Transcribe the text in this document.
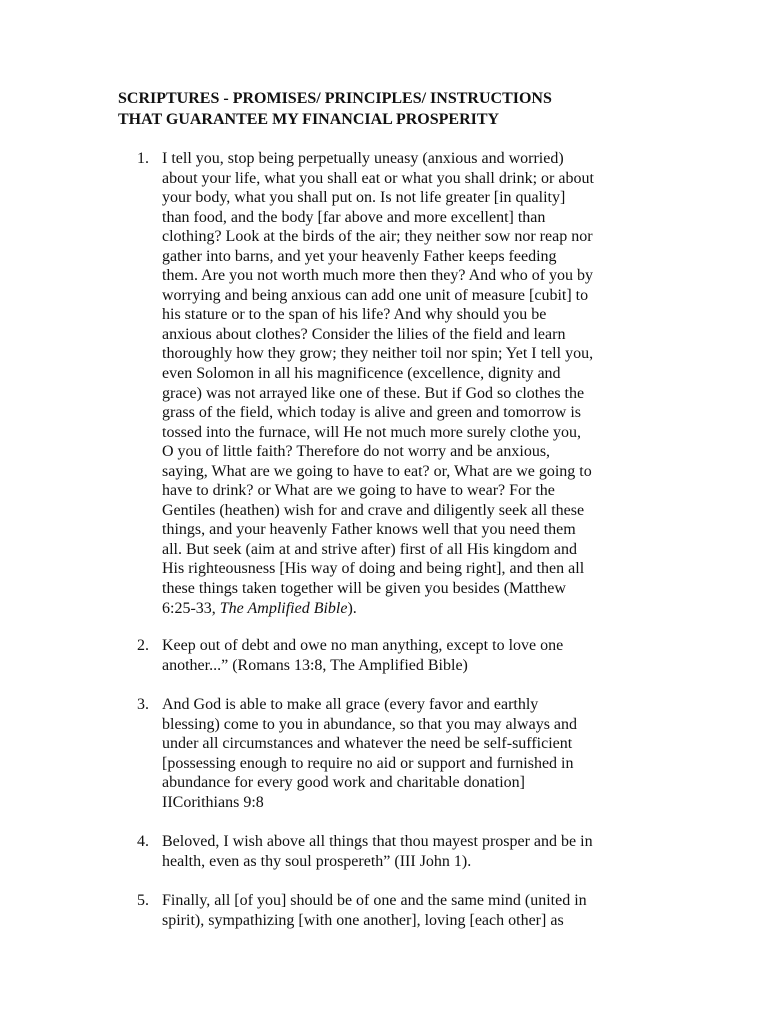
SCRIPTURES - PROMISES/ PRINCIPLES/ INSTRUCTIONS
THAT GUARANTEE MY FINANCIAL PROSPERITY
1. I tell you, stop being perpetually uneasy (anxious and worried)
about your life, what you shall eat or what you shall drink; or about
your body, what you shall put on. Is not life greater [in quality]
than food, and the body [far above and more excellent] than
clothing? Look at the birds of the air; they neither sow nor reap nor
gather into barns, and yet your heavenly Father keeps feeding
them. Are you not worth much more then they? And who of you by
worrying and being anxious can add one unit of measure [cubit] to
his stature or to the span of his life? And why should you be
anxious about clothes? Consider the lilies of the field and learn
thoroughly how they grow; they neither toil nor spin; Yet I tell you,
even Solomon in all his magnificence (excellence, dignity and
grace) was not arrayed like one of these. But if God so clothes the
grass of the field, which today is alive and green and tomorrow is
tossed into the furnace, will He not much more surely clothe you,
O you of little faith? Therefore do not worry and be anxious,
saying, What are we going to have to eat? or, What are we going to
have to drink? or What are we going to have to wear? For the
Gentiles (heathen) wish for and crave and diligently seek all these
things, and your heavenly Father knows well that you need them
all. But seek (aim at and strive after) first of all His kingdom and
His righteousness [His way of doing and being right], and then all
these things taken together will be given you besides (Matthew
6:25-33, The Amplified Bible).
2. Keep out of debt and owe no man anything, except to love one
another...” (Romans 13:8, The Amplified Bible)
3. And God is able to make all grace (every favor and earthly
blessing) come to you in abundance, so that you may always and
under all circumstances and whatever the need be self-sufficient
[possessing enough to require no aid or support and furnished in
abundance for every good work and charitable donation]
IICorithians 9:8
4. Beloved, I wish above all things that thou mayest prosper and be in
health, even as thy soul prospereth” (III John 1).
5. Finally, all [of you] should be of one and the same mind (united in
spirit), sympathizing [with one another], loving [each other] as
